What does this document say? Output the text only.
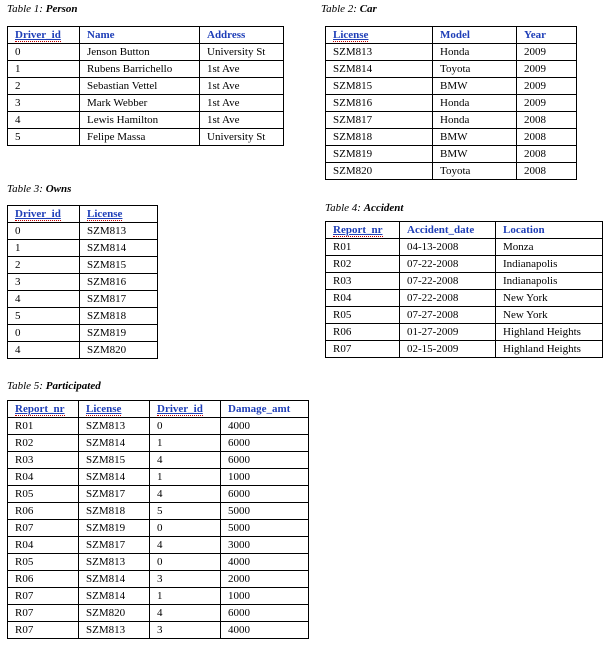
Table 1: Person
Driver_id	Name	Address
0	Jenson Button	University St
1	Rubens Barrichello	1st Ave
2	Sebastian Vettel	1st Ave
3	Mark Webber	1st Ave
4	Lewis Hamilton	1st Ave
5	Felipe Massa	University St
Table 2: Car
License	Model	Year
SZM813	Honda	2009
SZM814	Toyota	2009
SZM815	BMW	2009
SZM816	Honda	2009
SZM817	Honda	2008
SZM818	BMW	2008
SZM819	BMW	2008
SZM820	Toyota	2008
Table 3: Owns
Driver_id	License
0	SZM813
1	SZM814
2	SZM815
3	SZM816
4	SZM817
5	SZM818
0	SZM819
4	SZM820
Table 4: Accident
Report_nr	Accident_date	Location
R01	04-13-2008	Monza
R02	07-22-2008	Indianapolis
R03	07-22-2008	Indianapolis
R04	07-22-2008	New York
R05	07-27-2008	New York
R06	01-27-2009	Highland Heights
R07	02-15-2009	Highland Heights
Table 5: Participated
Report_nr	License	Driver_id	Damage_amt
R01	SZM813	0	4000
R02	SZM814	1	6000
R03	SZM815	4	6000
R04	SZM814	1	1000
R05	SZM817	4	6000
R06	SZM818	5	5000
R07	SZM819	0	5000
R04	SZM817	4	3000
R05	SZM813	0	4000
R06	SZM814	3	2000
R07	SZM814	1	1000
R07	SZM820	4	6000
R07	SZM813	3	4000
